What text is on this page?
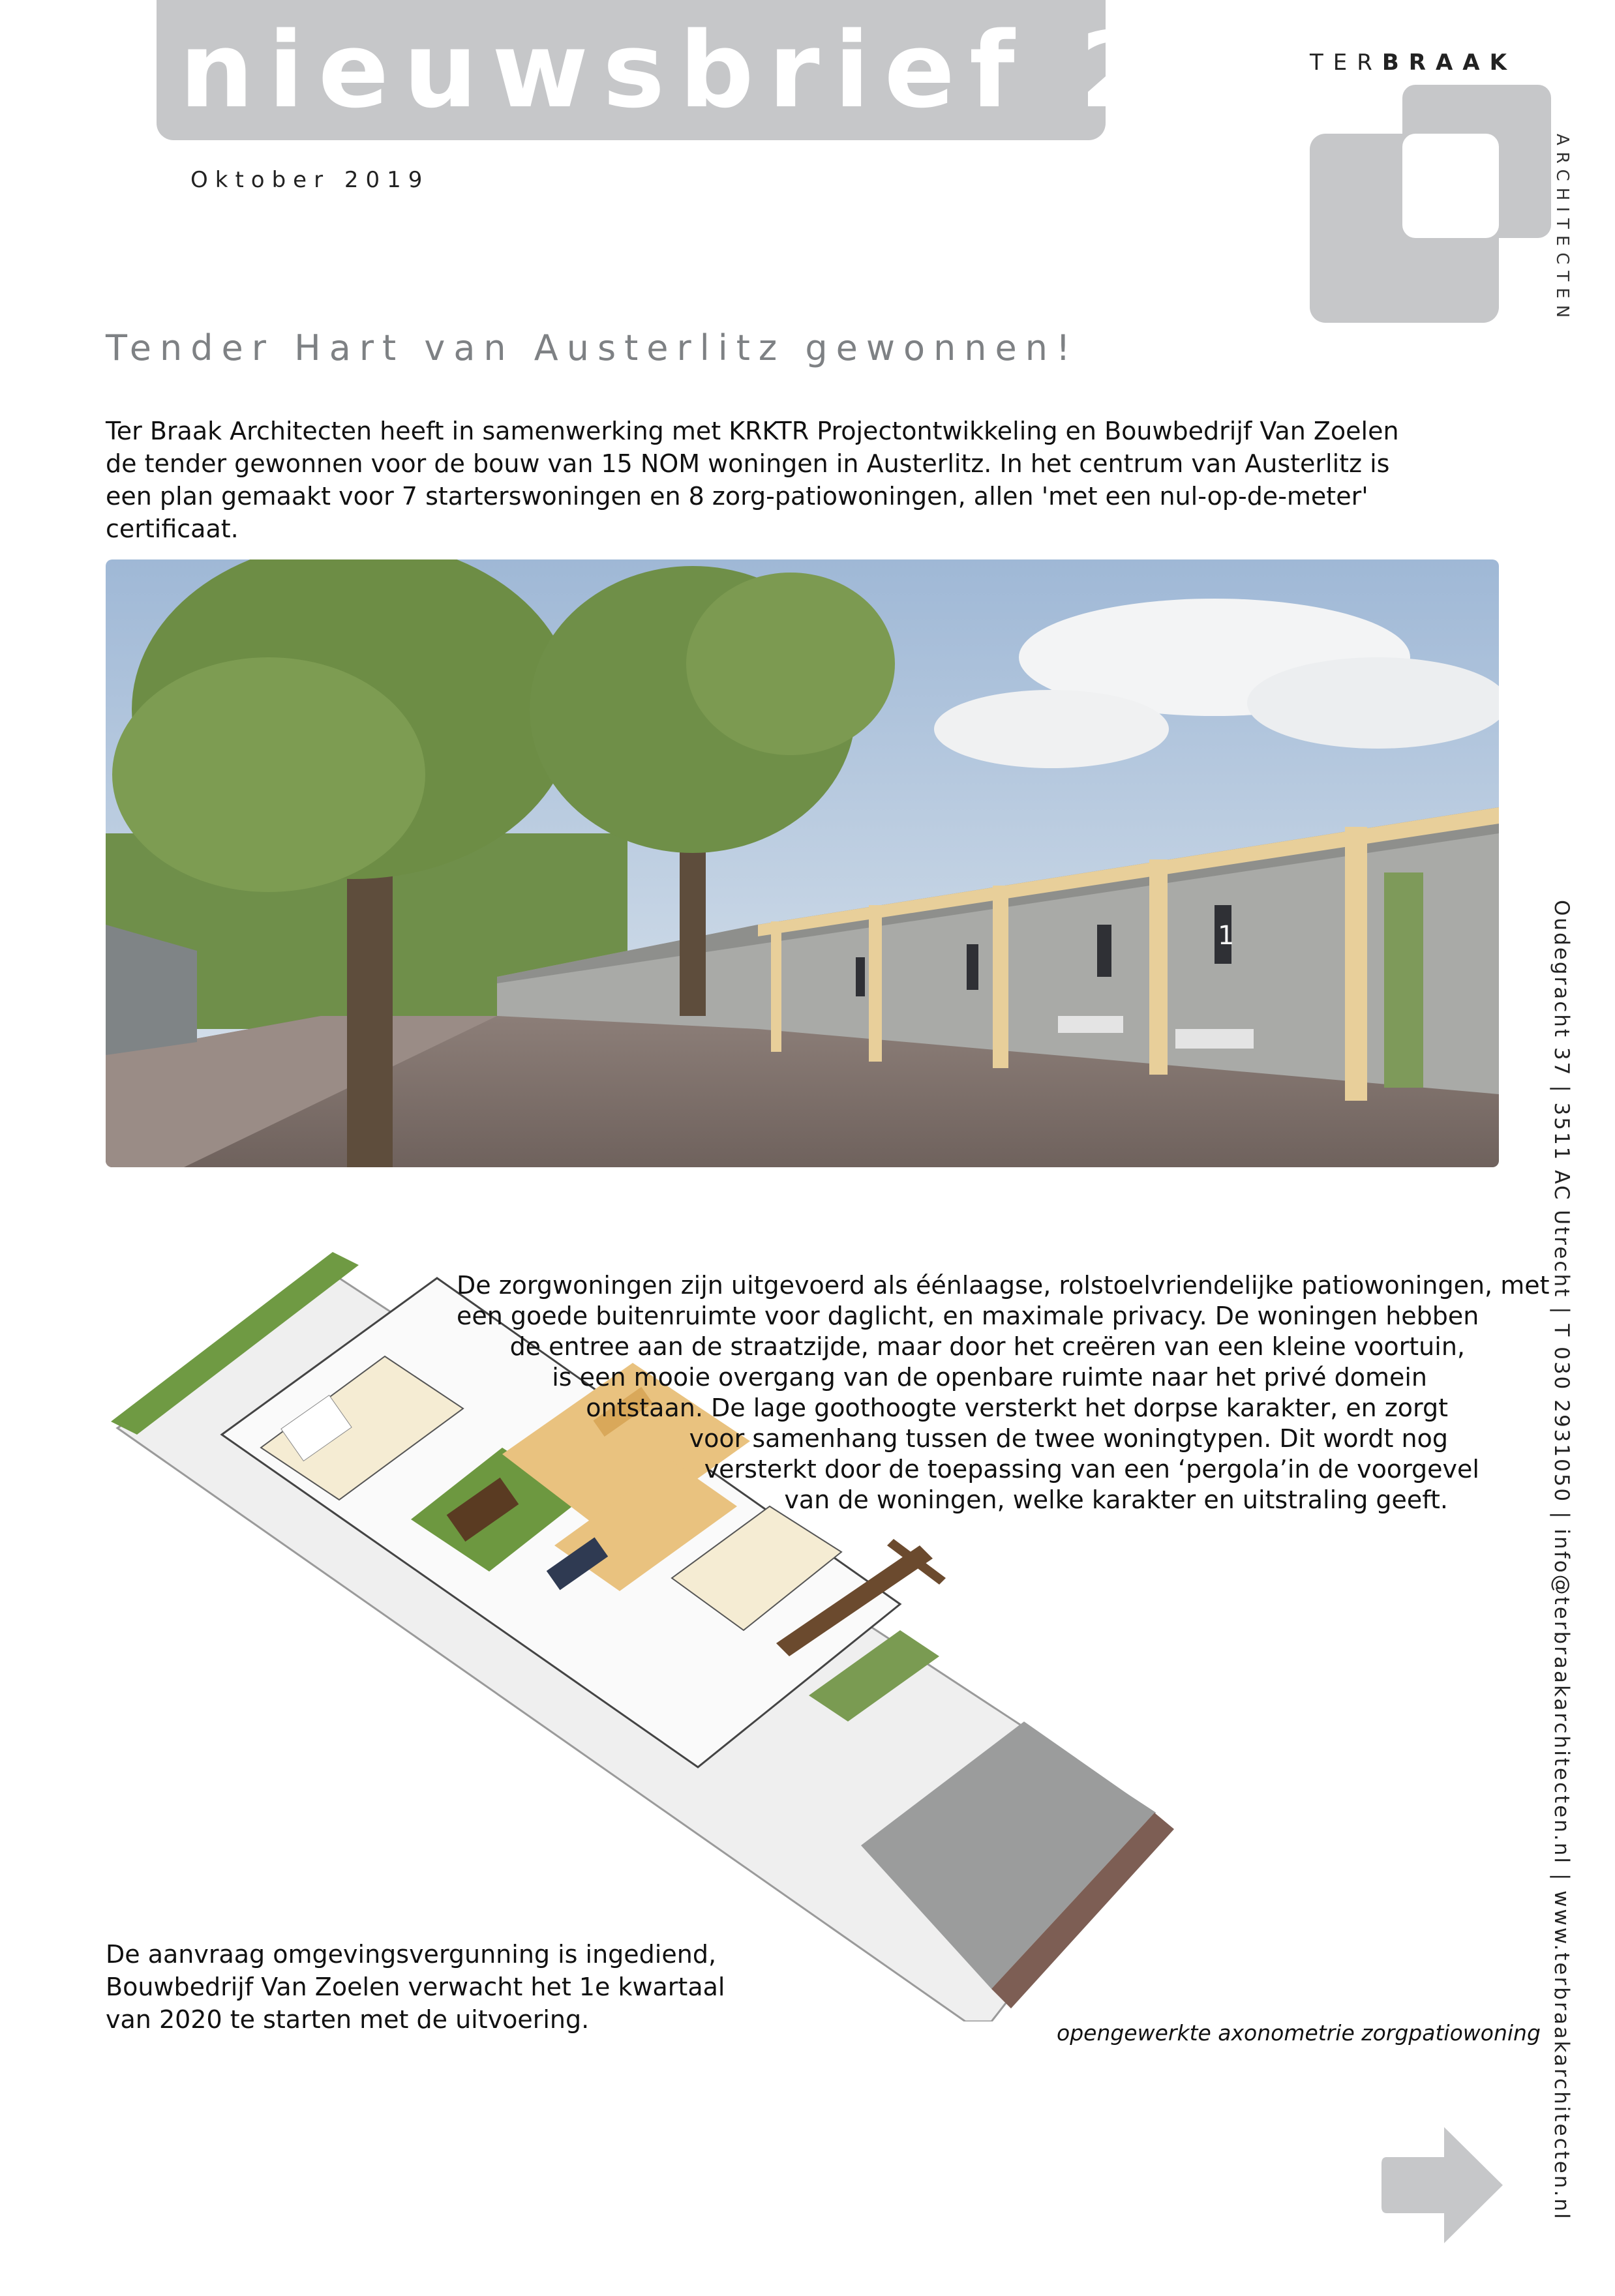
nieuwsbrief 27
Oktober 2019
TERBRAAK
ARCHITECTEN
Tender Hart van Austerlitz gewonnen!
Ter Braak Architecten heeft in samenwerking met KRKTR Projectontwikkeling en Bouwbedrijf Van Zoelen de tender gewonnen voor de bouw van 15 NOM woningen in Austerlitz. In het centrum van Austerlitz is een plan gemaakt voor 7 starterswoningen en 8 zorg-patiowoningen, allen 'met een nul-op-de-meter' certificaat.
1
De zorgwoningen zijn uitgevoerd als éénlaagse, rolstoelvriendelijke patiowoningen, met
een goede buitenruimte voor daglicht, en maximale privacy. De woningen hebben
de entree aan de straatzijde, maar door het creëren van een kleine voortuin,
is een mooie overgang van de openbare ruimte naar het privé domein
ontstaan. De lage goothoogte versterkt het dorpse karakter, en zorgt
voor samenhang tussen de twee woningtypen. Dit wordt nog
versterkt door de toepassing van een ‘pergola’in de voorgevel
van de woningen, welke karakter en uitstraling geeft.
De aanvraag omgevingsvergunning is ingediend, Bouwbedrijf Van Zoelen verwacht het 1e kwartaal van 2020 te starten met de uitvoering.	opengewerkte axonometrie zorgpatiowoning Oudegracht 37 | 3511 AC Utrecht | T 030 2931050 | info@terbraakarchitecten.nl | www.terbraakarchitecten.nl
